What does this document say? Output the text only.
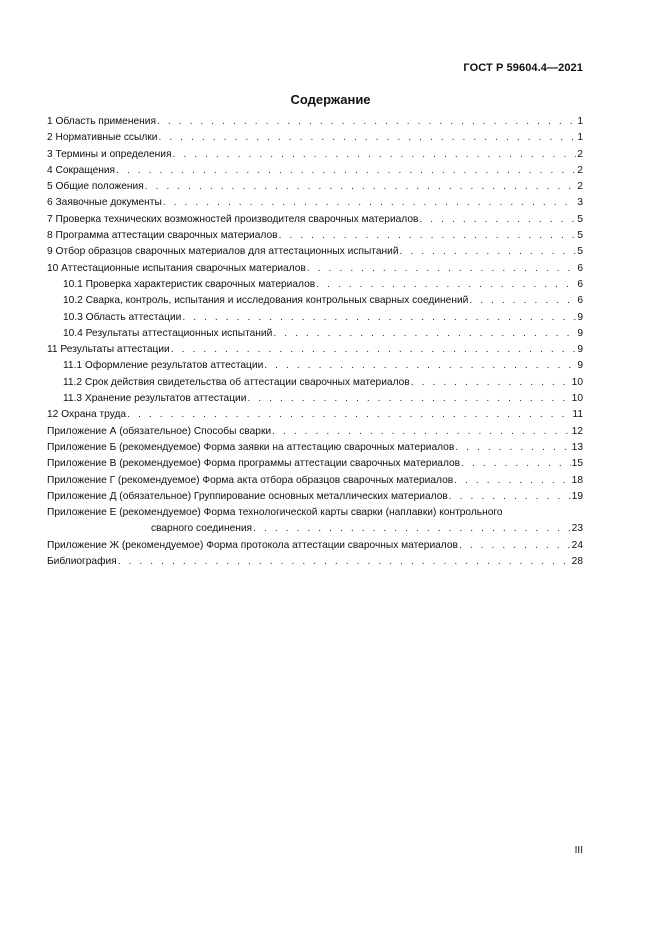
ГОСТ Р 59604.4—2021
Содержание
1 Область применения . . .	1
2 Нормативные ссылки . . .	1
3 Термины и определения . . .	2
4 Сокращения . . .	2
5 Общие положения . . .	2
6 Заявочные документы . . .	3
7 Проверка технических возможностей производителя сварочных материалов . . .	5
8 Программа аттестации сварочных материалов . . .	5
9 Отбор образцов сварочных материалов для аттестационных испытаний . . .	5
10 Аттестационные испытания сварочных материалов . . .	6
10.1 Проверка характеристик сварочных материалов . . .	6
10.2 Сварка, контроль, испытания и исследования контрольных сварных соединений . . .	6
10.3 Область аттестации . . .	9
10.4 Результаты аттестационных испытаний . . .	9
11 Результаты аттестации . . .	9
11.1 Оформление результатов аттестации . . .	9
11.2 Срок действия свидетельства об аттестации сварочных материалов . . .	10
11.3 Хранение результатов аттестации . . .	10
12 Охрана труда . . .	11
Приложение А (обязательное) Способы сварки . . .	12
Приложение Б (рекомендуемое) Форма заявки на аттестацию сварочных материалов . . .	13
Приложение В (рекомендуемое) Форма программы аттестации сварочных материалов . . .	15
Приложение Г (рекомендуемое) Форма акта отбора образцов сварочных материалов . . .	18
Приложение Д (обязательное) Группирование основных металлических материалов . . .	19
Приложение Е (рекомендуемое) Форма технологической карты сварки (наплавки) контрольного
сварного соединения . . .	23
Приложение Ж (рекомендуемое) Форма протокола аттестации сварочных материалов . . .	24
Библиография . . .	28
III
